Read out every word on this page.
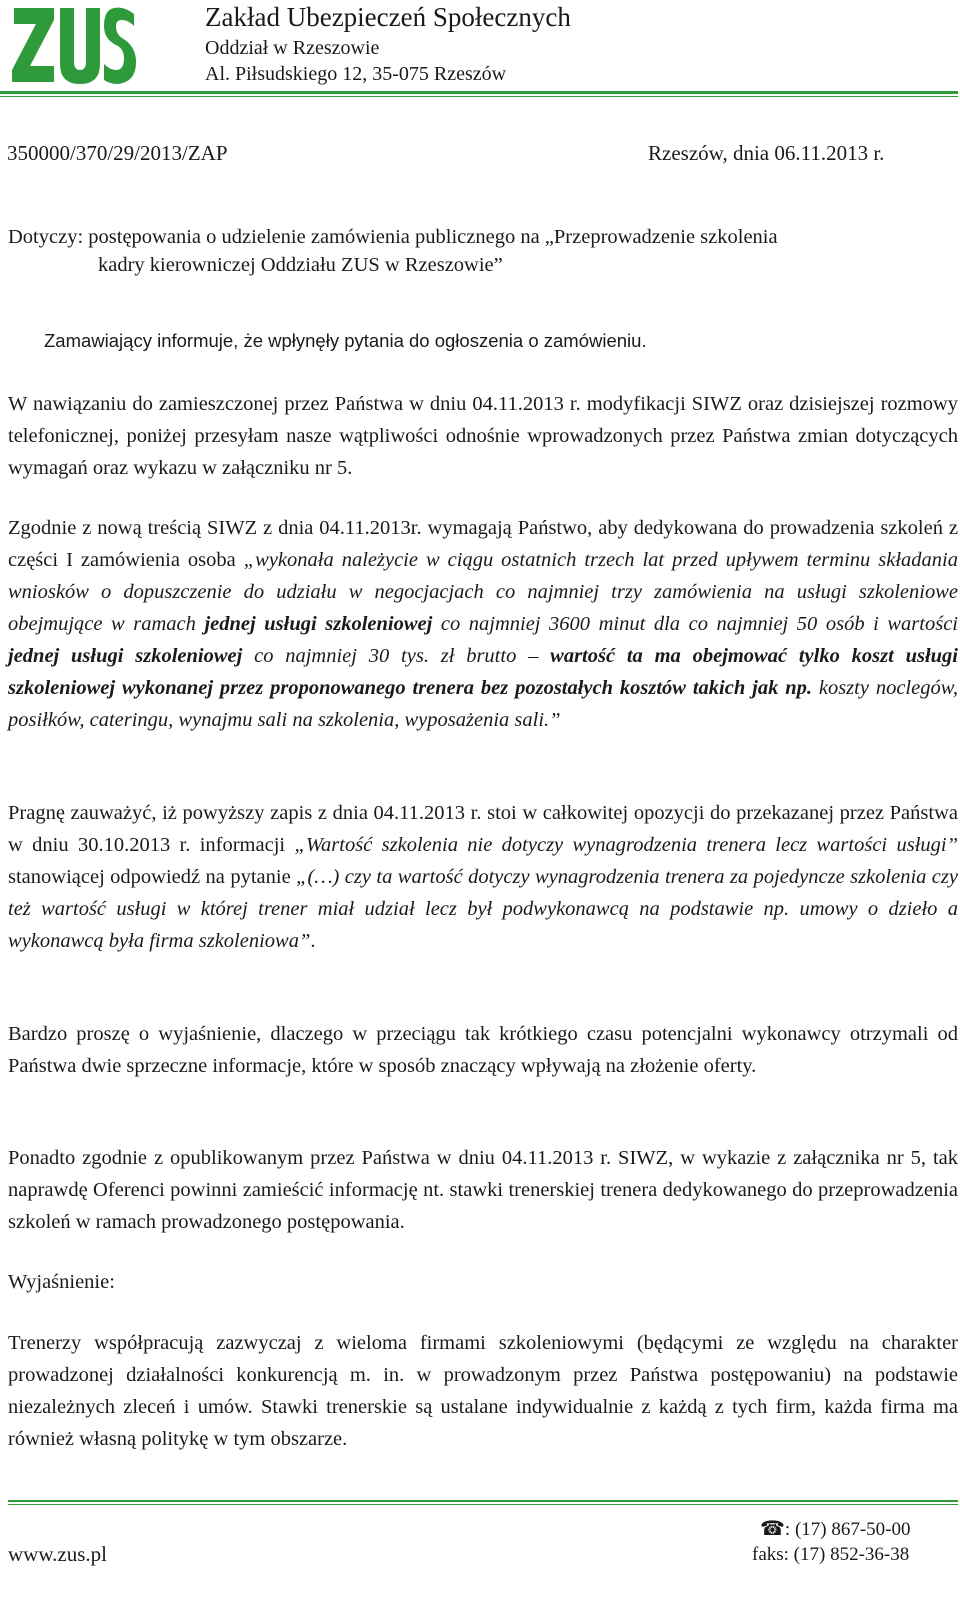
Zakład Ubezpieczeń Społecznych
Oddział w Rzeszowie
Al. Piłsudskiego 12, 35-075 Rzeszów
350000/370/29/2013/ZAP	Rzeszów, dnia 06.11.2013 r.
Dotyczy: postępowania o udzielenie zamówienia publicznego na „Przeprowadzenie szkolenia
kadry kierowniczej Oddziału ZUS w Rzeszowie”
Zamawiający informuje, że wpłynęły pytania do ogłoszenia o zamówieniu.
W nawiązaniu do zamieszczonej przez Państwa w dniu 04.11.2013 r. modyfikacji SIWZ oraz dzisiejszej rozmowy telefonicznej, poniżej przesyłam nasze wątpliwości odnośnie wprowadzonych przez Państwa zmian dotyczących wymagań oraz wykazu w załączniku nr 5.
Zgodnie z nową treścią SIWZ z dnia 04.11.2013r. wymagają Państwo, aby dedykowana do prowadzenia szkoleń z części I zamówienia osoba „wykonała należycie w ciągu ostatnich trzech lat przed upływem terminu składania wniosków o dopuszczenie do udziału w negocjacjach co najmniej trzy zamówienia na usługi szkoleniowe obejmujące w ramach jednej usługi szkoleniowej co najmniej 3600 minut dla co najmniej 50 osób i wartości jednej usługi szkoleniowej co najmniej 30 tys. zł brutto – wartość ta ma obejmować tylko koszt usługi szkoleniowej wykonanej przez proponowanego trenera bez pozostałych kosztów takich jak np. koszty noclegów, posiłków, cateringu, wynajmu sali na szkolenia, wyposażenia sali.”
Pragnę zauważyć, iż powyższy zapis z dnia 04.11.2013 r. stoi w całkowitej opozycji do przekazanej przez Państwa w dniu 30.10.2013 r. informacji „Wartość szkolenia nie dotyczy wynagrodzenia trenera lecz wartości usługi” stanowiącej odpowiedź na pytanie „(…) czy ta wartość dotyczy wynagrodzenia trenera za pojedyncze szkolenia czy też wartość usługi w której trener miał udział lecz był podwykonawcą na podstawie np. umowy o dzieło a wykonawcą była firma szkoleniowa”.
Bardzo proszę o wyjaśnienie, dlaczego w przeciągu tak krótkiego czasu potencjalni wykonawcy otrzymali od Państwa dwie sprzeczne informacje, które w sposób znaczący wpływają na złożenie oferty.
Ponadto zgodnie z opublikowanym przez Państwa w dniu 04.11.2013 r. SIWZ, w wykazie z załącznika nr 5, tak naprawdę Oferenci powinni zamieścić informację nt. stawki trenerskiej trenera dedykowanego do przeprowadzenia szkoleń w ramach prowadzonego postępowania.
Wyjaśnienie:
Trenerzy współpracują zazwyczaj z wieloma firmami szkoleniowymi (będącymi ze względu na charakter prowadzonej działalności konkurencją m. in. w prowadzonym przez Państwa postępowaniu) na podstawie niezależnych zleceń i umów. Stawki trenerskie są ustalane indywidualnie z każdą z tych firm, każda firma ma również własną politykę w tym obszarze.
www.zus.pl
☎: (17) 867-50-00
faks: (17) 852-36-38
